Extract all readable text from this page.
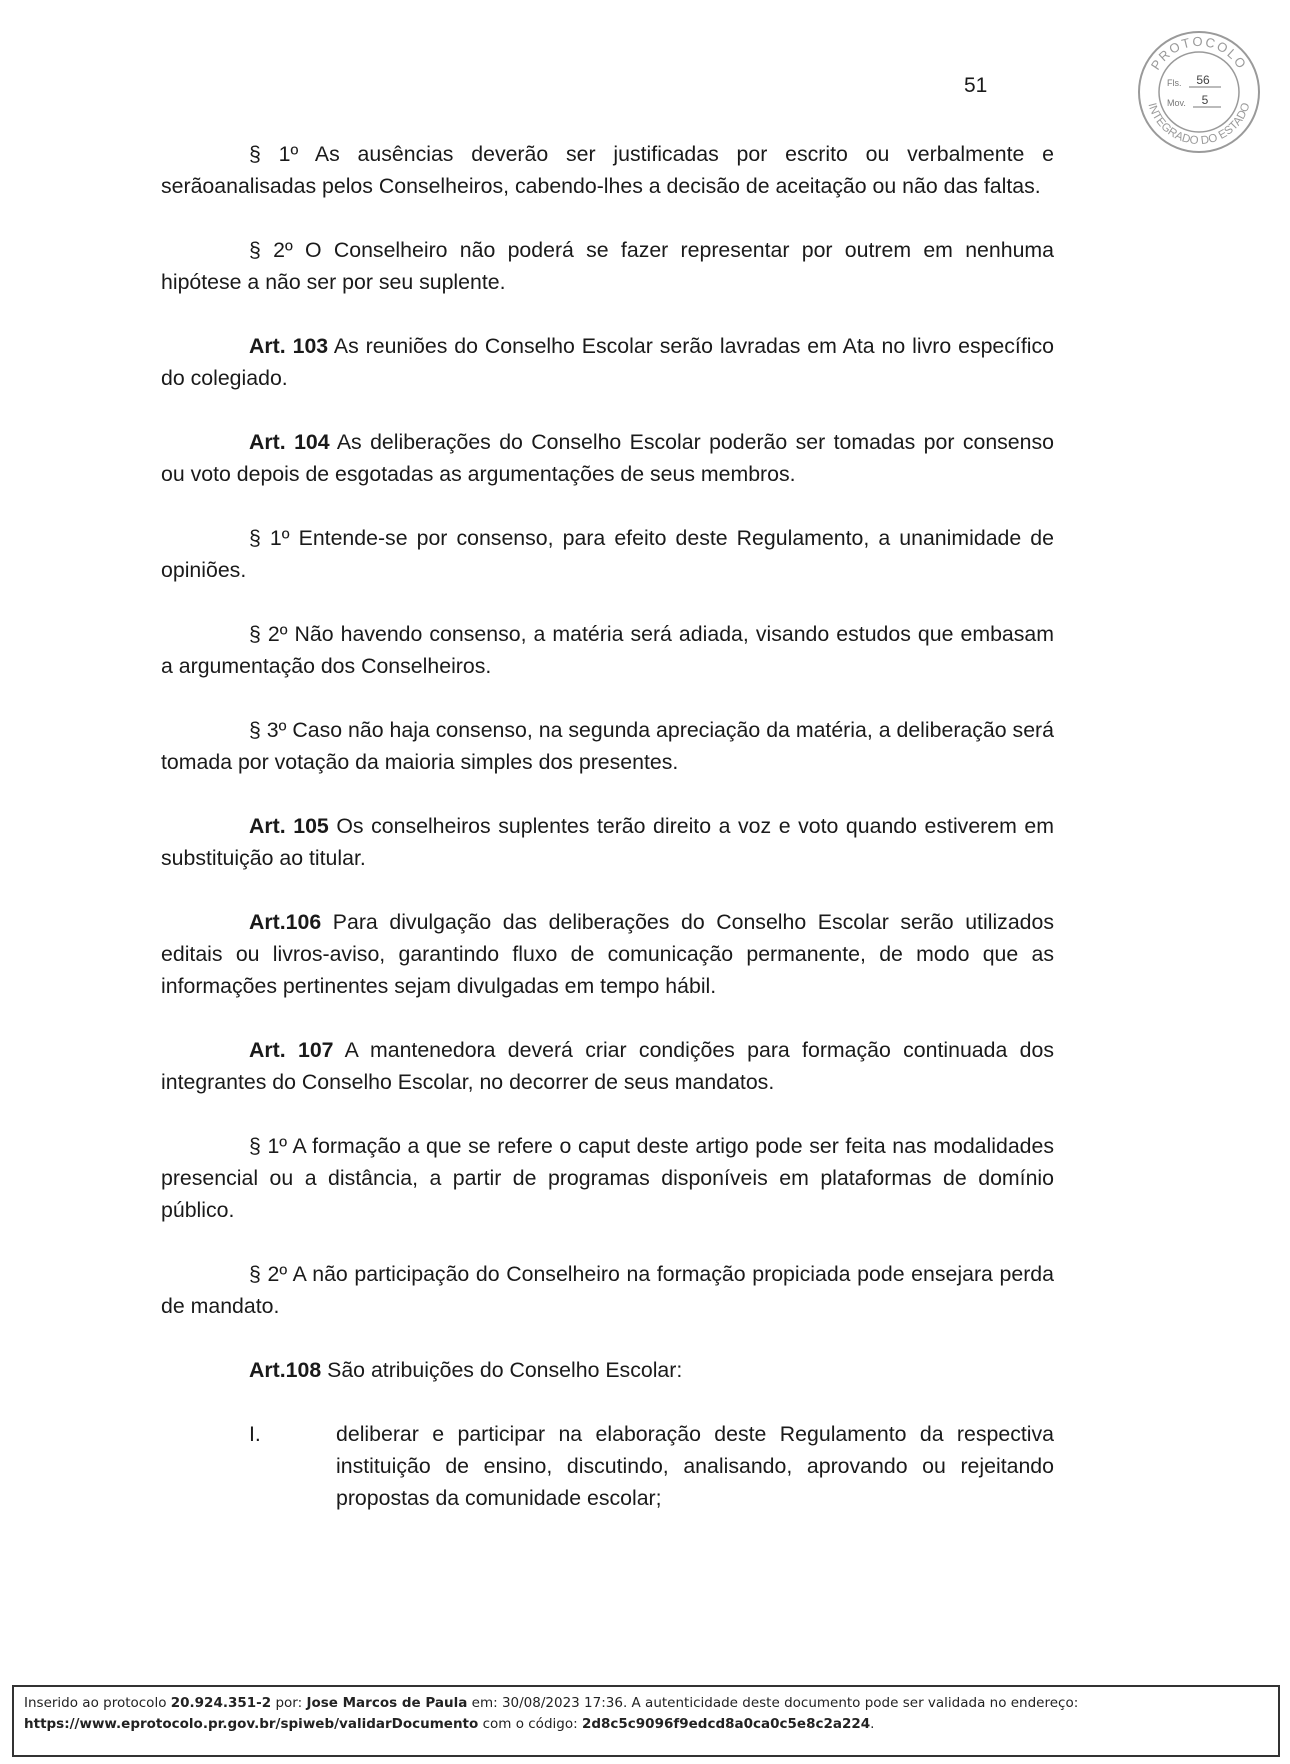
51
PROTOCOLO
INTEGRADO DO ESTADO
Fls. 56
Mov. 5

§ 1º As ausências deverão ser justificadas por escrito ou verbalmente e serãoanalisadas pelos Conselheiros, cabendo-lhes a decisão de aceitação ou não das faltas.

§ 2º O Conselheiro não poderá se fazer representar por outrem em nenhuma hipótese a não ser por seu suplente.

Art. 103 As reuniões do Conselho Escolar serão lavradas em Ata no livro específico do colegiado.

Art. 104 As deliberações do Conselho Escolar poderão ser tomadas por consenso ou voto depois de esgotadas as argumentações de seus membros.

§ 1º Entende-se por consenso, para efeito deste Regulamento, a unanimidade de opiniões.

§ 2º Não havendo consenso, a matéria será adiada, visando estudos que embasam a argumentação dos Conselheiros.

§ 3º Caso não haja consenso, na segunda apreciação da matéria, a deliberação será tomada por votação da maioria simples dos presentes.

Art. 105 Os conselheiros suplentes terão direito a voz e voto quando estiverem em substituição ao titular.

Art.106 Para divulgação das deliberações do Conselho Escolar serão utilizados editais ou livros-aviso, garantindo fluxo de comunicação permanente, de modo que as informações pertinentes sejam divulgadas em tempo hábil.

Art. 107 A mantenedora deverá criar condições para formação continuada dos integrantes do Conselho Escolar, no decorrer de seus mandatos.

§ 1º A formação a que se refere o caput deste artigo pode ser feita nas modalidades presencial ou a distância, a partir de programas disponíveis em plataformas de domínio público.

§ 2º A não participação do Conselheiro na formação propiciada pode ensejara perda de mandato.

Art.108 São atribuições do Conselho Escolar:

I.	deliberar e participar na elaboração deste Regulamento da respectiva instituição de ensino, discutindo, analisando, aprovando ou rejeitando propostas da comunidade escolar;
Inserido ao protocolo 20.924.351-2 por: Jose Marcos de Paula em: 30/08/2023 17:36. A autenticidade deste documento pode ser validada no endereço:
https://www.eprotocolo.pr.gov.br/spiweb/validarDocumento com o código: 2d8c5c9096f9edcd8a0ca0c5e8c2a224.
